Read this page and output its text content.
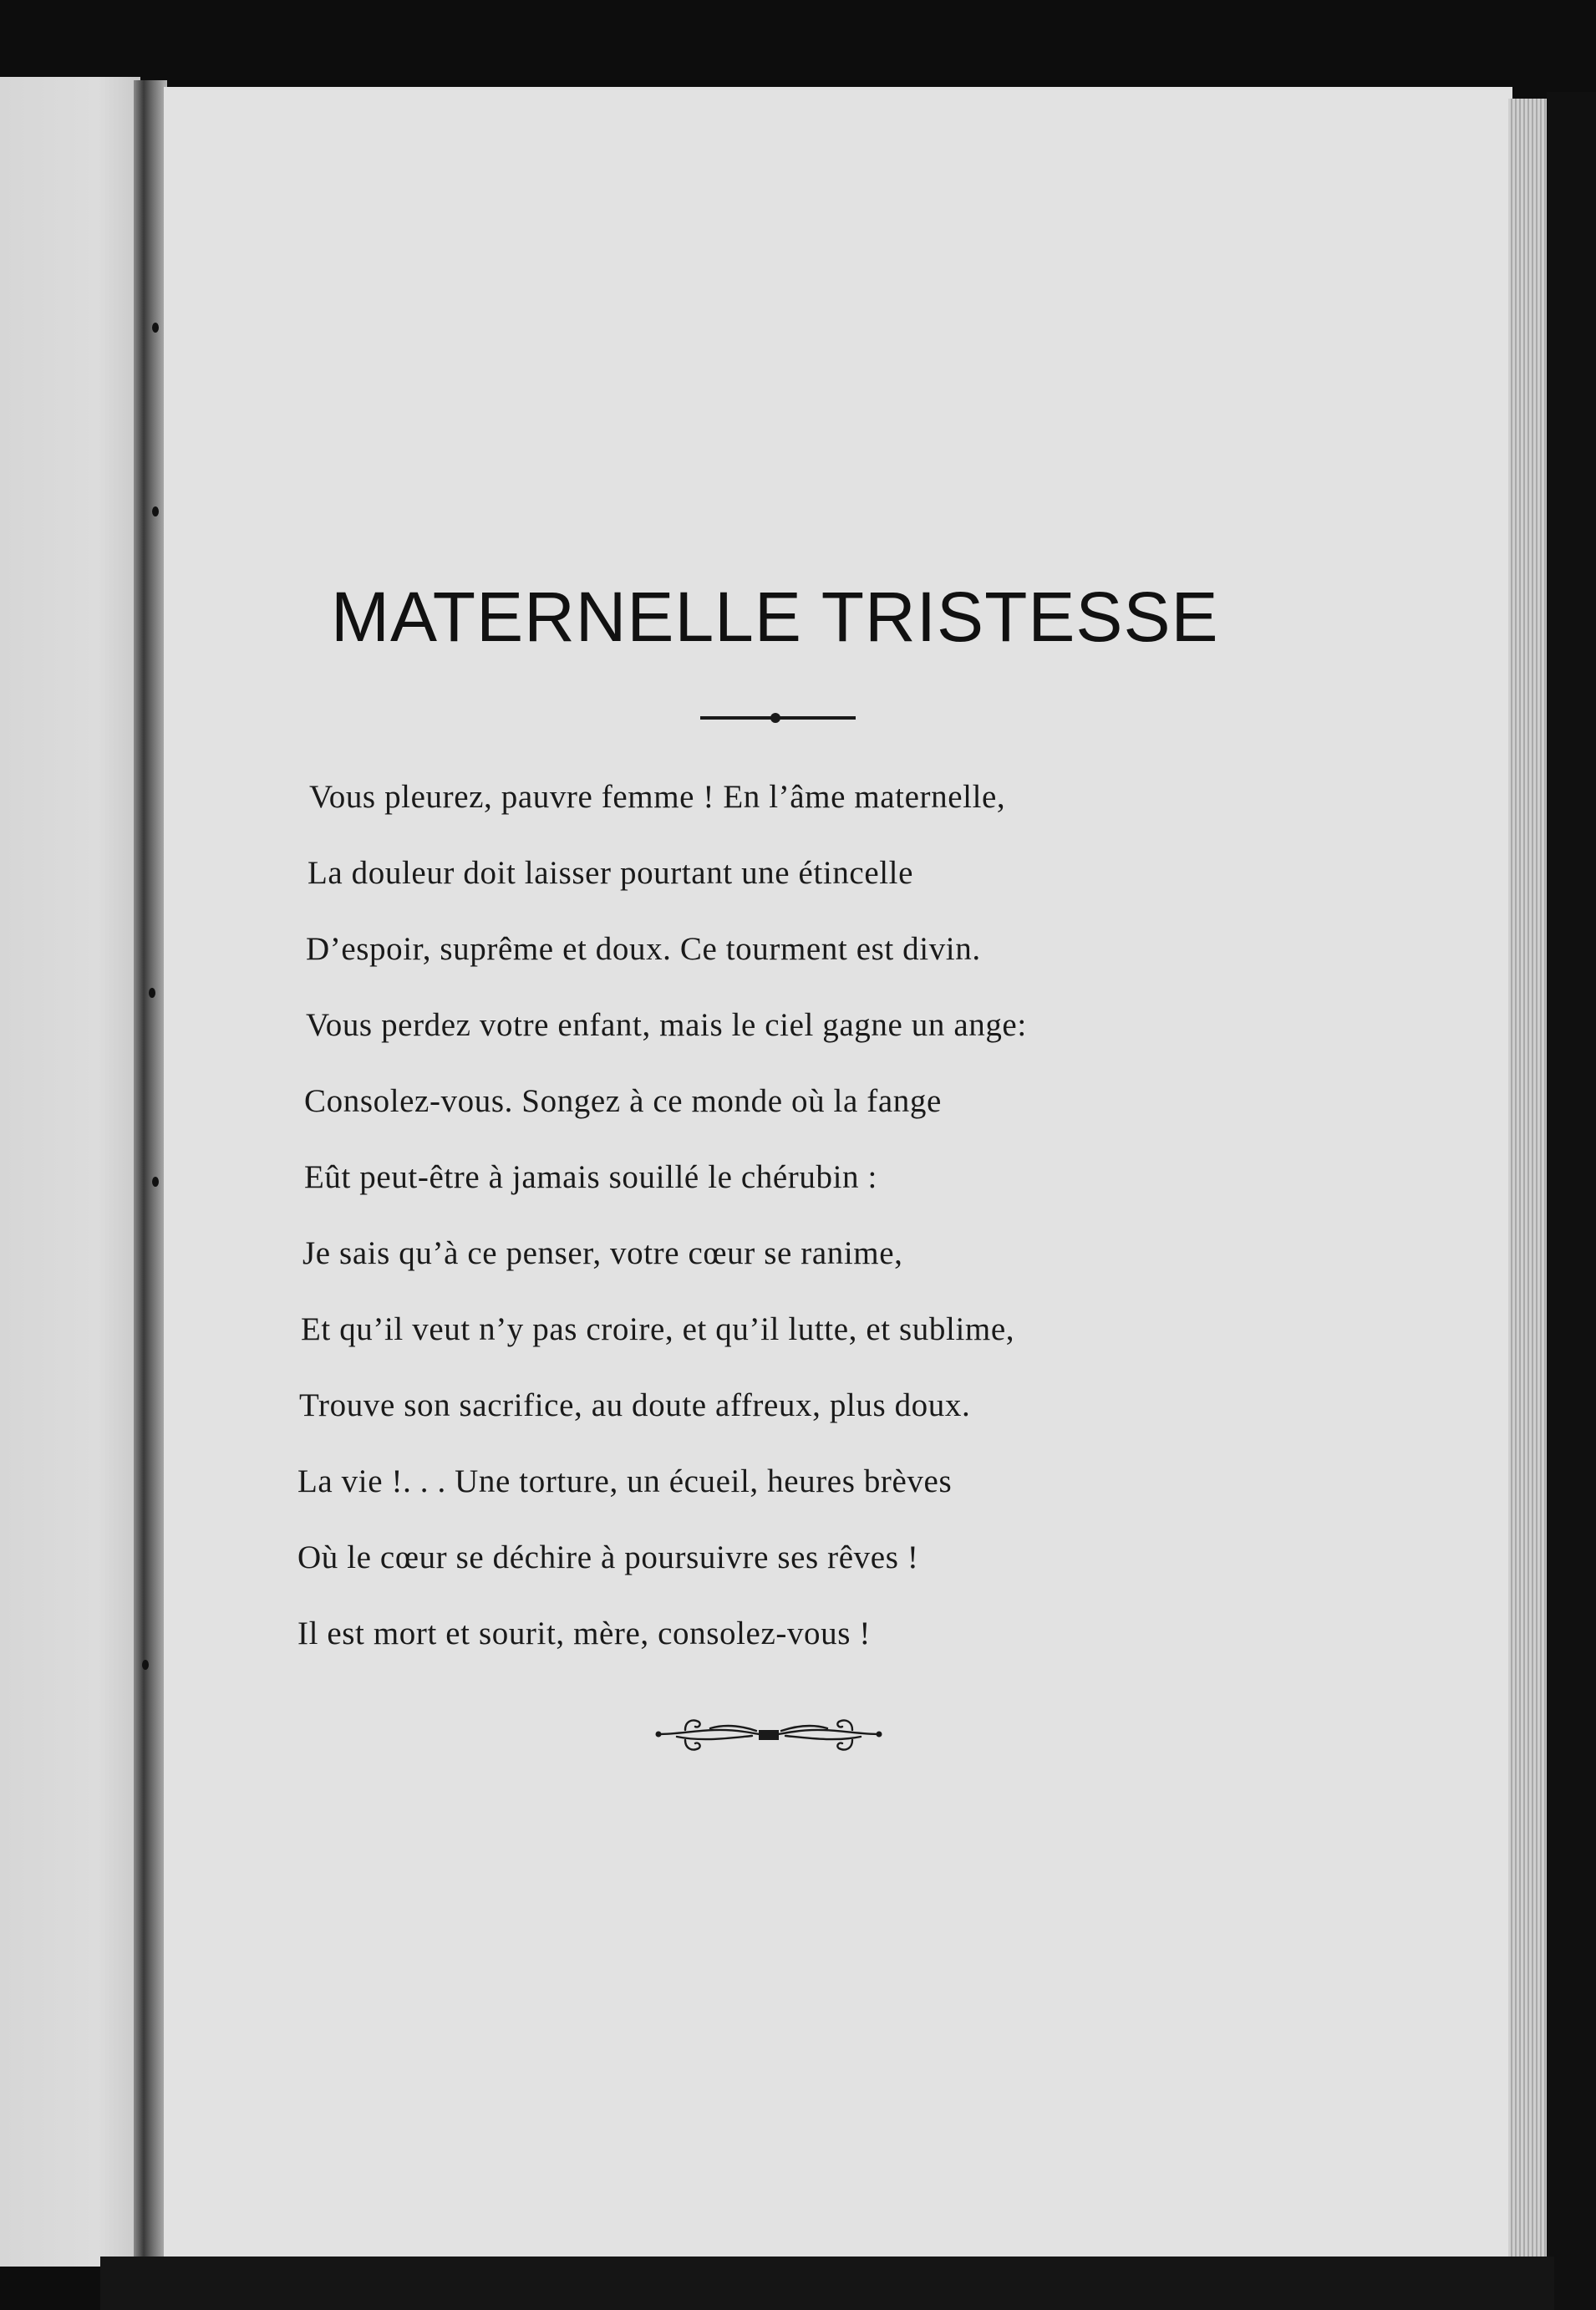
MATERNELLE TRISTESSE
Vous pleurez, pauvre femme ! En l’âme maternelle,
La douleur doit laisser pourtant une étincelle
D’espoir, suprême et doux. Ce tourment est divin.
Vous perdez votre enfant, mais le ciel gagne un ange:
Consolez-vous. Songez à ce monde où la fange
Eût peut-être à jamais souillé le chérubin :
Je sais qu’à ce penser, votre cœur se ranime,
Et qu’il veut n’y pas croire, et qu’il lutte, et sublime,
Trouve son sacrifice, au doute affreux, plus doux.
La vie !. . . Une torture, un écueil, heures brèves
Où le cœur se déchire à poursuivre ses rêves !
Il est mort et sourit, mère, consolez-vous !
